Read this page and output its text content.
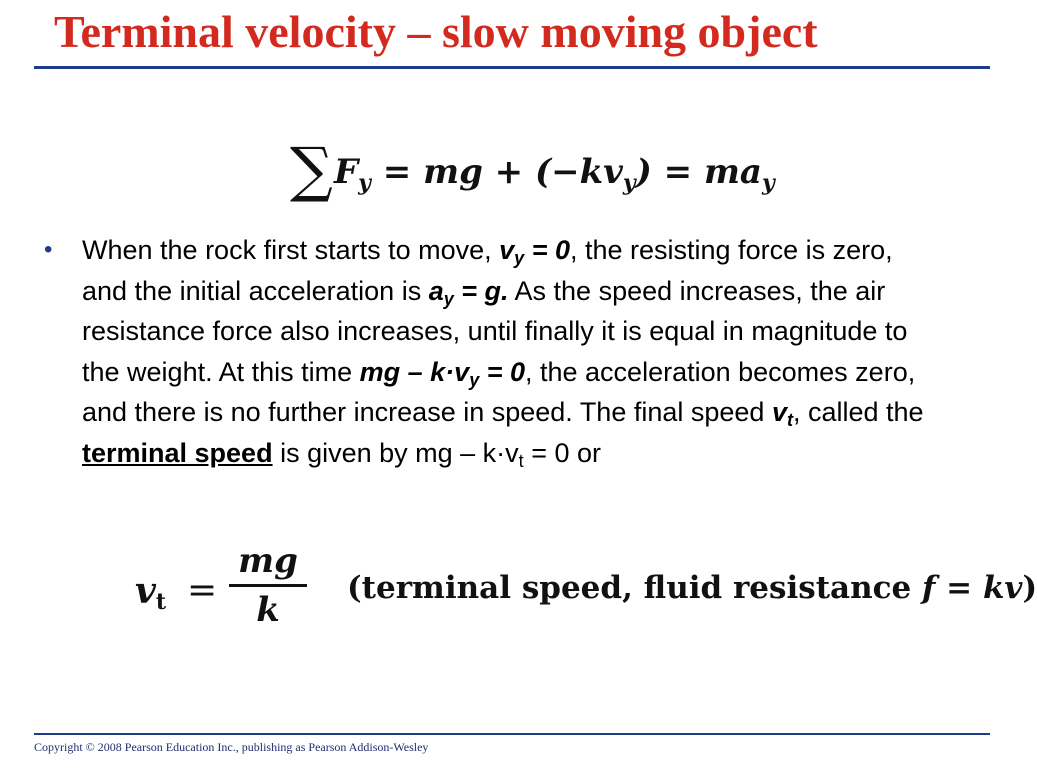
Terminal velocity – slow moving object
∑ $F_y$ = mg + $(-kv_y) = ma_y$
• When the rock first starts to move, $v_y = 0$, the resisting force is zero, and the initial acceleration is $a_y = g$. As the speed increases, the air resistance force also increases, until finally it is equal in magnitude to the weight. At this time mg – $k\cdot v_y = 0$, the acceleration becomes zero, and there is no further increase in speed. The final speed $v_t$, called the terminal speed is given by mg – $k\cdot v_t = 0$ or
$v_t$ =
mg
k
(terminal speed, fluid resistance f = kv)
Copyright © 2008 Pearson Education Inc., publishing as Pearson Addison-Wesley
